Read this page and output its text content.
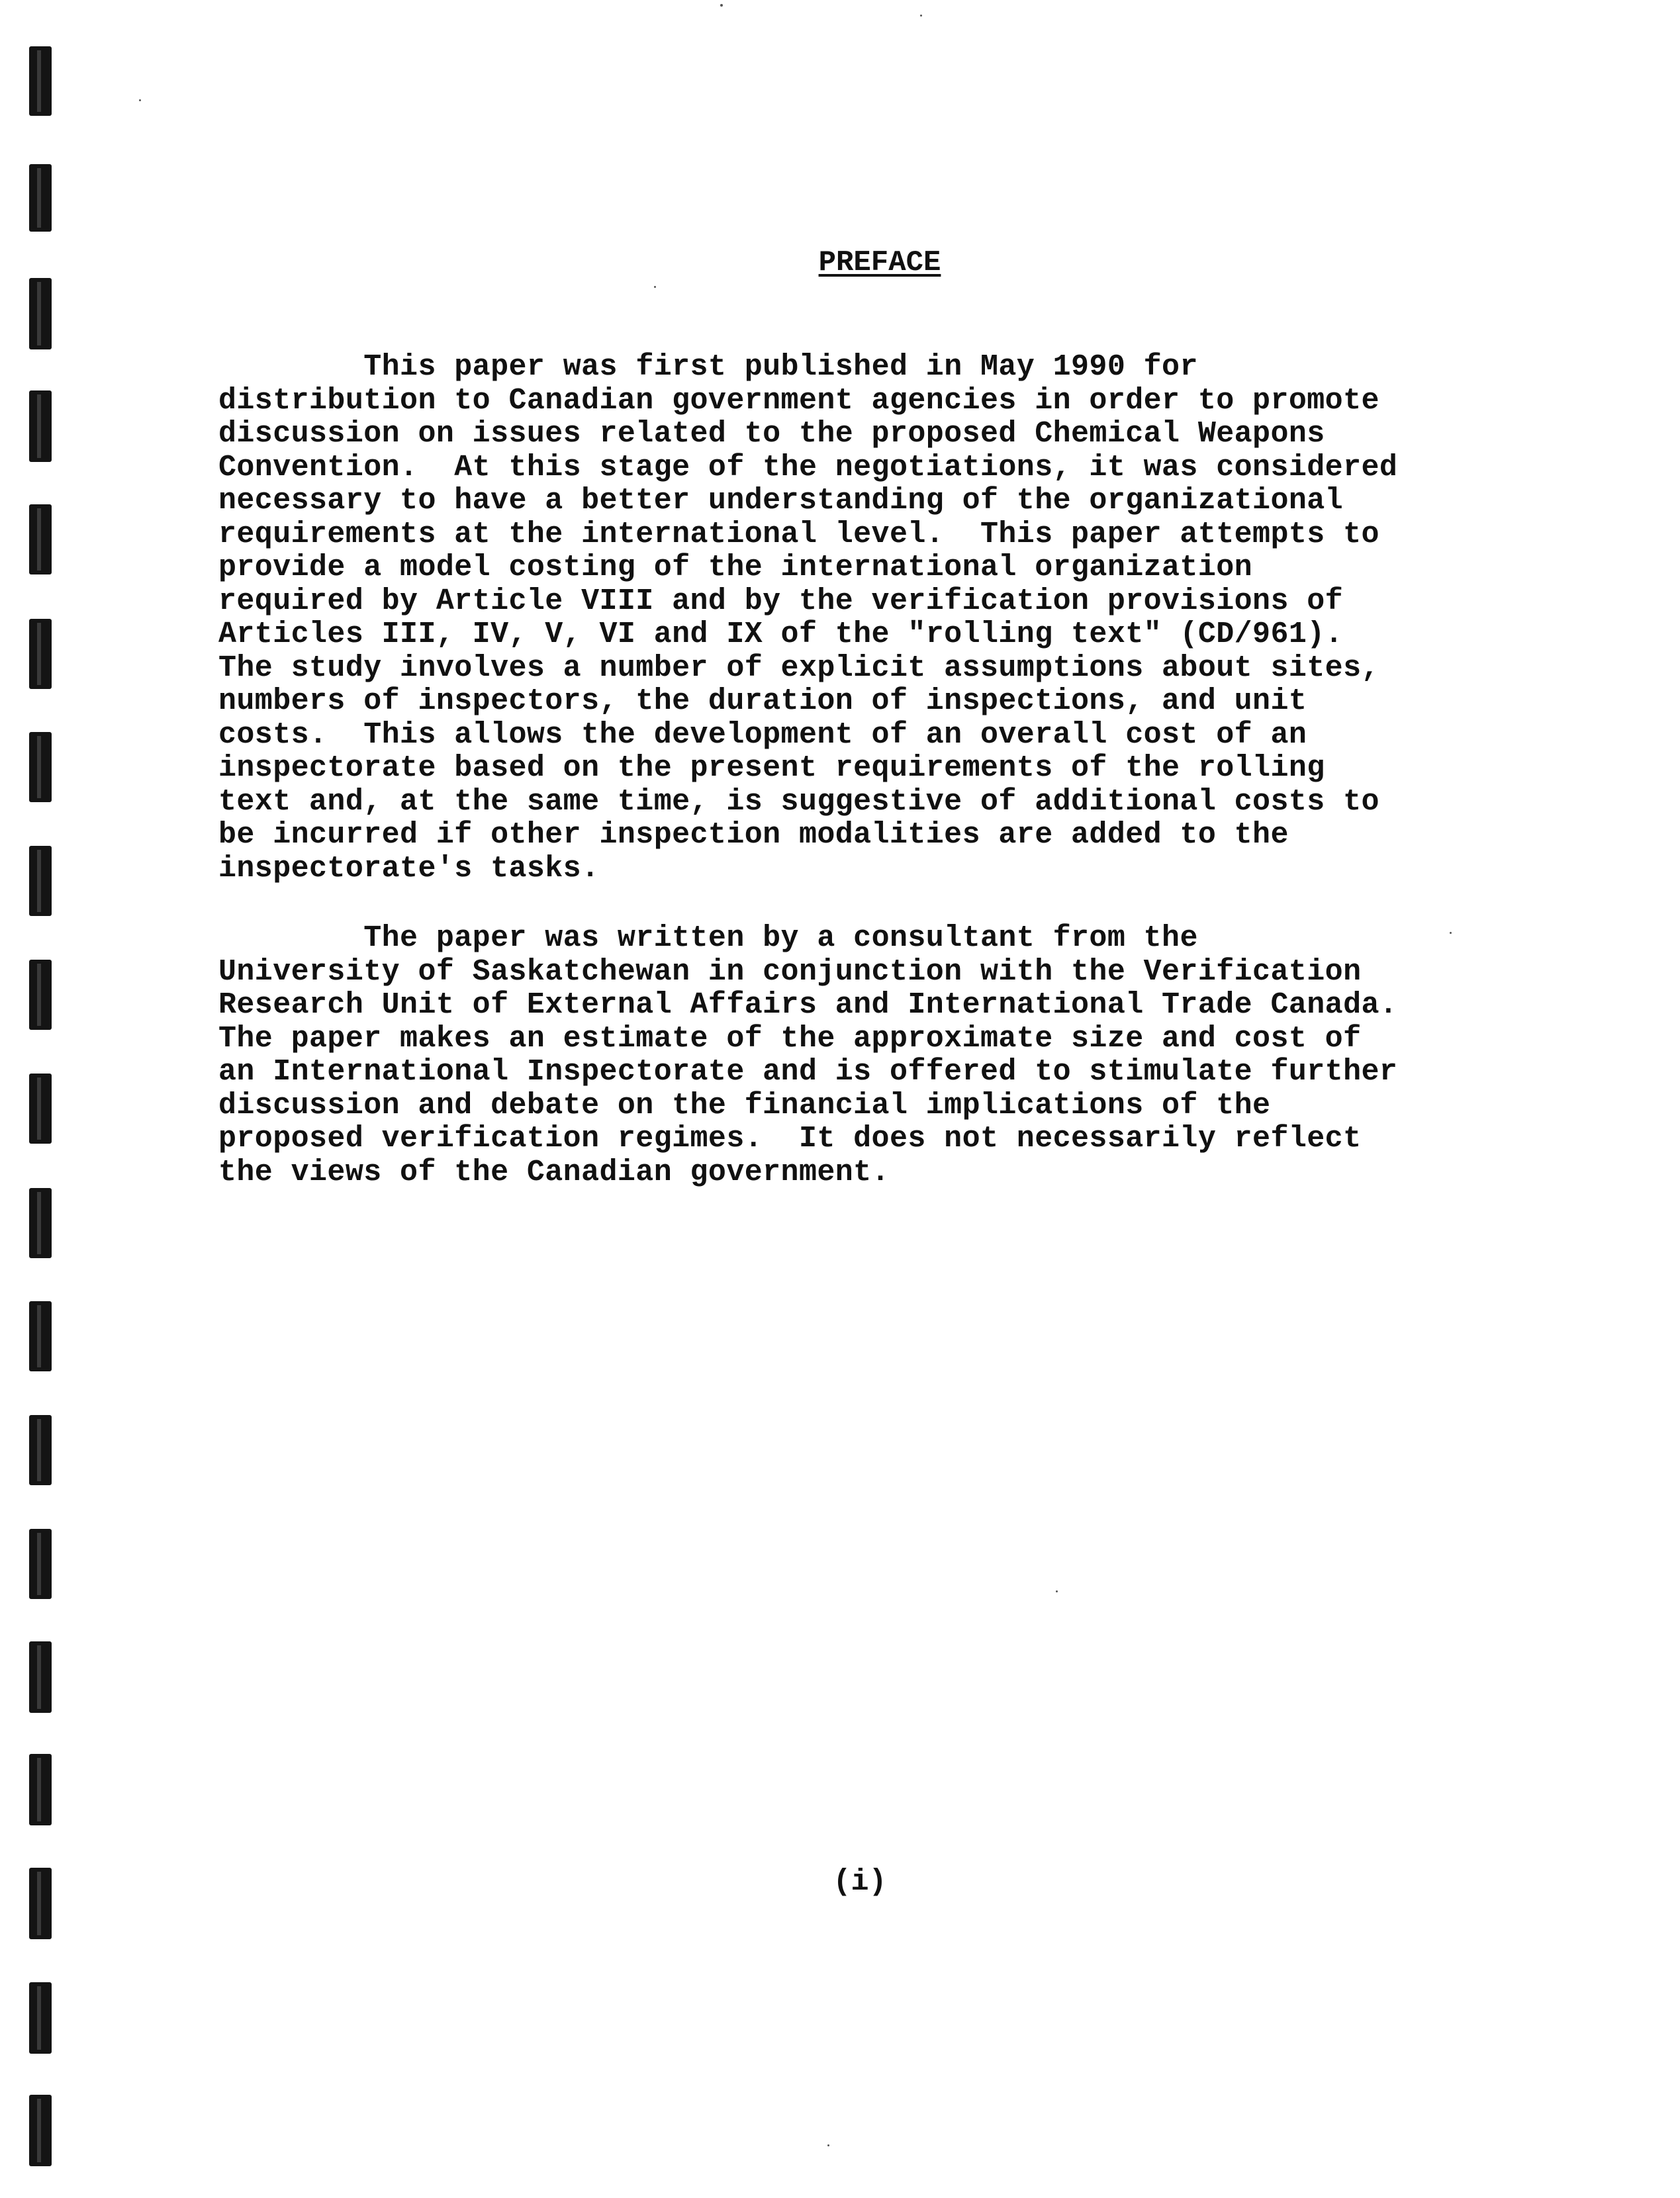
PREFACE

This paper was first published in May 1990 for
distribution to Canadian government agencies in order to promote
discussion on issues related to the proposed Chemical Weapons
Convention.  At this stage of the negotiations, it was considered
necessary to have a better understanding of the organizational
requirements at the international level.  This paper attempts to
provide a model costing of the international organization
required by Article VIII and by the verification provisions of
Articles III, IV, V, VI and IX of the "rolling text" (CD/961).
The study involves a number of explicit assumptions about sites,
numbers of inspectors, the duration of inspections, and unit
costs.  This allows the development of an overall cost of an
inspectorate based on the present requirements of the rolling
text and, at the same time, is suggestive of additional costs to
be incurred if other inspection modalities are added to the
inspectorate's tasks.

The paper was written by a consultant from the
University of Saskatchewan in conjunction with the Verification
Research Unit of External Affairs and International Trade Canada.
The paper makes an estimate of the approximate size and cost of
an International Inspectorate and is offered to stimulate further
discussion and debate on the financial implications of the
proposed verification regimes.  It does not necessarily reflect
the views of the Canadian government.

(i)
